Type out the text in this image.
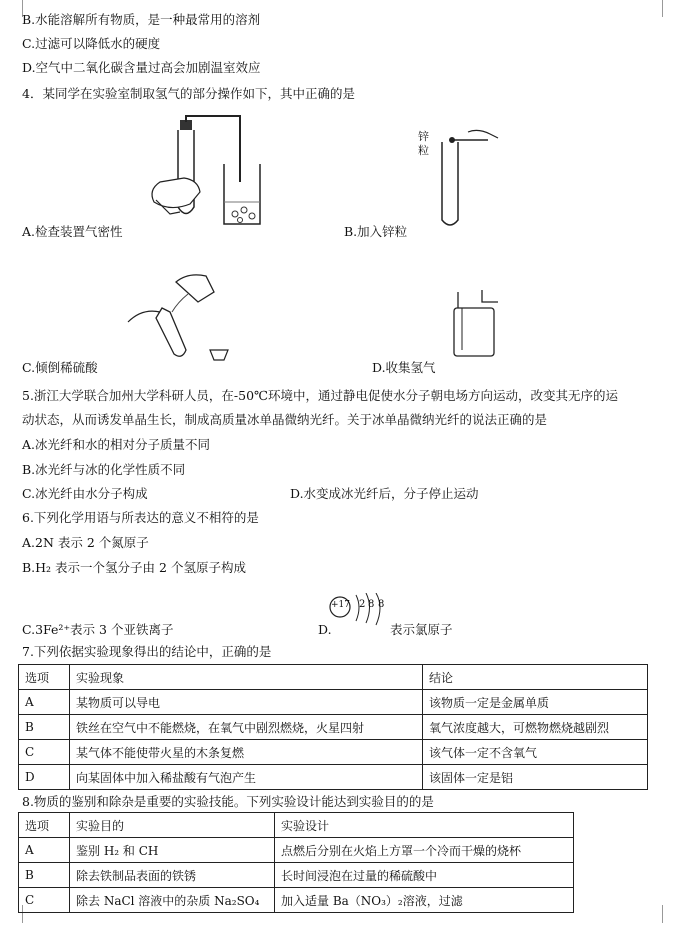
B.水能溶解所有物质，是一种最常用的溶剂
C.过滤可以降低水的硬度
D.空气中二氧化碳含量过高会加剧温室效应
4．某同学在实验室制取氢气的部分操作如下，其中正确的是
A.检查装置气密性
锌
粒
B.加入锌粒
C.倾倒稀硫酸	D.收集氢气
5.浙江大学联合加州大学科研人员，在-50℃环境中，通过静电促使水分子朝电场方向运动，改变其无序的运
动状态，从而诱发单晶生长，制成高质量冰单晶微纳光纤。关于冰单晶微纳光纤的说法正确的是
A.冰光纤和水的相对分子质量不同
B.冰光纤与冰的化学性质不同
C.冰光纤由水分子构成	D.水变成冰光纤后，分子停止运动
6.下列化学用语与所表达的意义不相符的是
A.2N 表示 2 个氮原子
B.H₂ 表示一个氢分子由 2 个氢原子构成
+17 2 8 8
C.3Fe²⁺表示 3 个亚铁离子	D.	表示氯原子
7.下列依据实验现象得出的结论中，正确的是
选项	实验现象	结论
A	某物质可以导电	该物质一定是金属单质
B	铁丝在空气中不能燃烧，在氧气中剧烈燃烧，火星四射	氧气浓度越大，可燃物燃烧越剧烈
C	某气体不能使带火星的木条复燃	该气体一定不含氧气
D	向某固体中加入稀盐酸有气泡产生	该固体一定是铝
8.物质的鉴别和除杂是重要的实验技能。下列实验设计能达到实验目的的是
选项	实验目的	实验设计
A	鉴别 H₂ 和 CH	点燃后分别在火焰上方罩一个冷而干燥的烧杯
B	除去铁制品表面的铁锈	长时间浸泡在过量的稀硫酸中
C	除去 NaCl 溶液中的杂质 Na₂SO₄	加入适量 Ba（NO₃）₂溶液，过滤
